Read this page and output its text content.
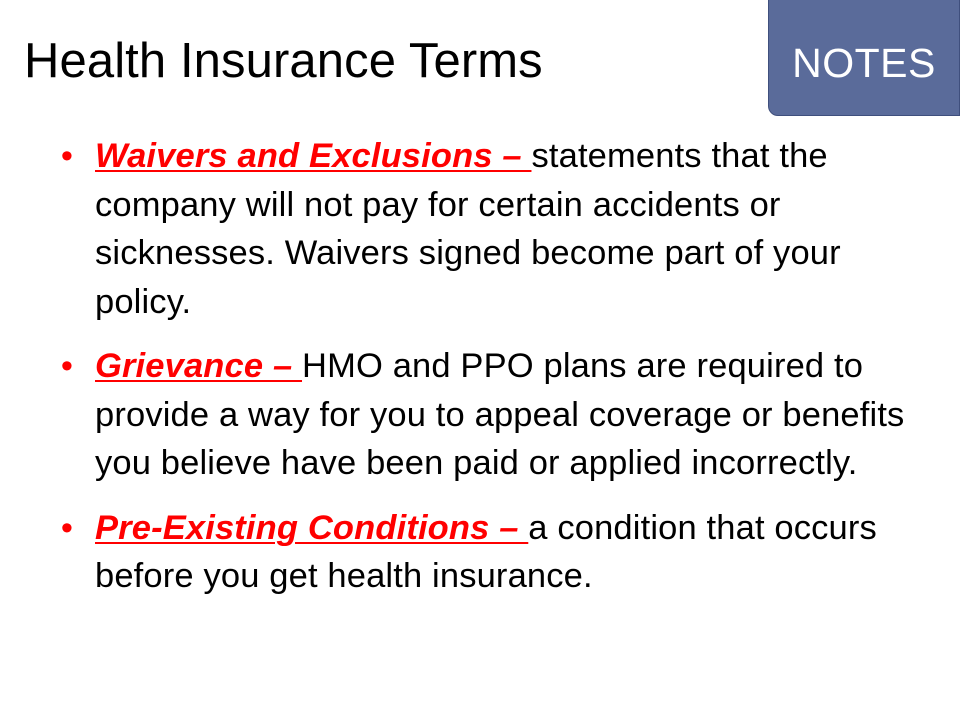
Health Insurance Terms	NOTES
• Waivers and Exclusions – statements that the company will not pay for certain accidents or sicknesses. Waivers signed become part of your policy.
• Grievance – HMO and PPO plans are required to provide a way for you to appeal coverage or benefits you believe have been paid or applied incorrectly.
• Pre-Existing Conditions – a condition that occurs before you get health insurance.
